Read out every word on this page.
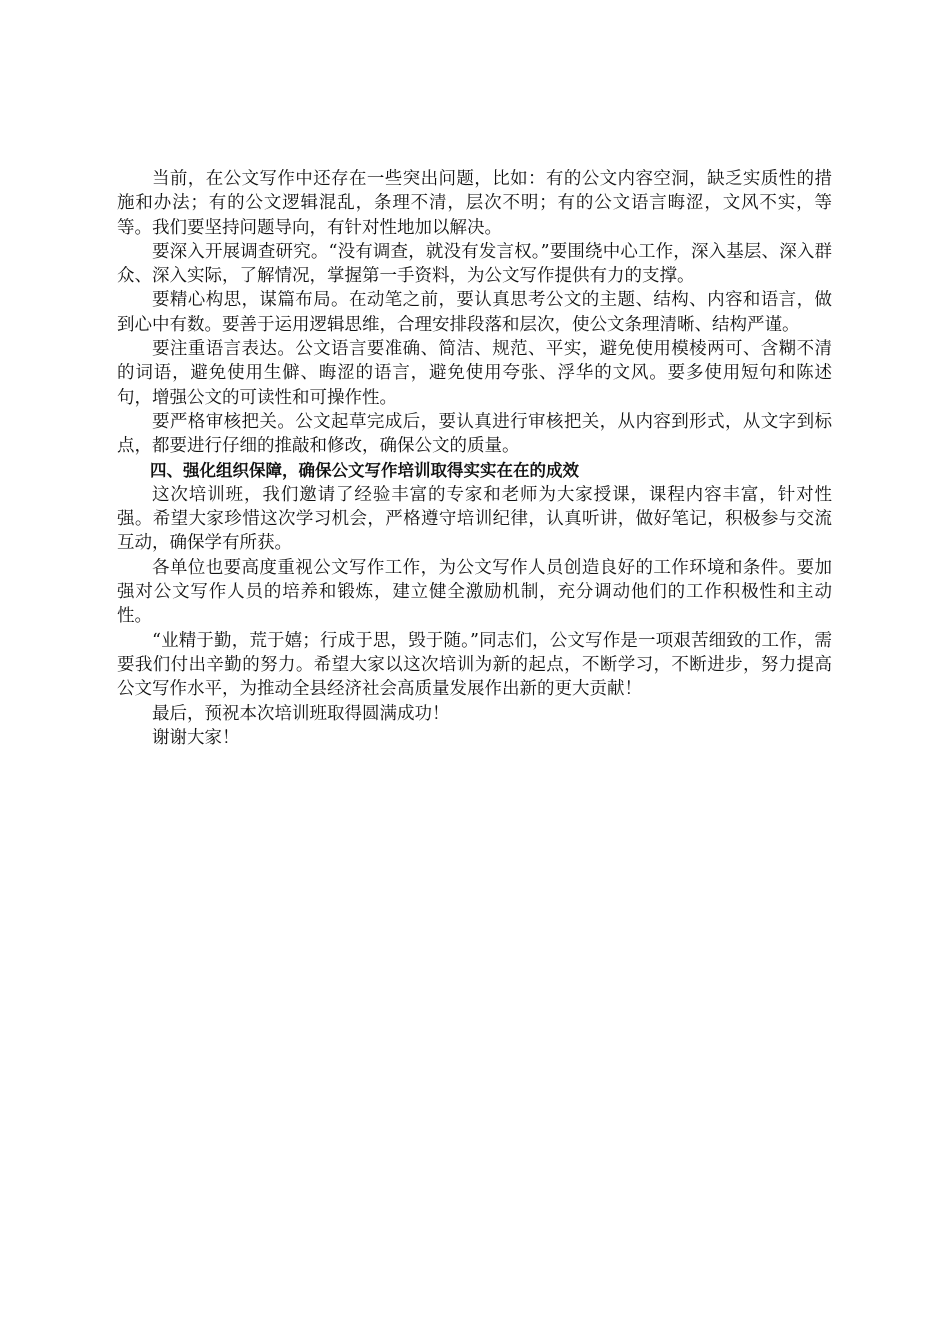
当前，在公文写作中还存在一些突出问题，比如：有的公文内容空洞，缺乏实质性的措施和办法；有的公文逻辑混乱，条理不清，层次不明；有的公文语言晦涩，文风不实，等等。我们要坚持问题导向，有针对性地加以解决。

要深入开展调查研究。“没有调查，就没有发言权。”要围绕中心工作，深入基层、深入群众、深入实际，了解情况，掌握第一手资料，为公文写作提供有力的支撑。

要精心构思，谋篇布局。在动笔之前，要认真思考公文的主题、结构、内容和语言，做到心中有数。要善于运用逻辑思维，合理安排段落和层次，使公文条理清晰、结构严谨。

要注重语言表达。公文语言要准确、简洁、规范、平实，避免使用模棱两可、含糊不清的词语，避免使用生僻、晦涩的语言，避免使用夸张、浮华的文风。要多使用短句和陈述句，增强公文的可读性和可操作性。

要严格审核把关。公文起草完成后，要认真进行审核把关，从内容到形式，从文字到标点，都要进行仔细的推敲和修改，确保公文的质量。

四、强化组织保障，确保公文写作培训取得实实在在的成效

这次培训班，我们邀请了经验丰富的专家和老师为大家授课，课程内容丰富，针对性强。希望大家珍惜这次学习机会，严格遵守培训纪律，认真听讲，做好笔记，积极参与交流互动，确保学有所获。

各单位也要高度重视公文写作工作，为公文写作人员创造良好的工作环境和条件。要加强对公文写作人员的培养和锻炼，建立健全激励机制，充分调动他们的工作积极性和主动性。

“业精于勤，荒于嬉；行成于思，毁于随。”同志们，公文写作是一项艰苦细致的工作，需要我们付出辛勤的努力。希望大家以这次培训为新的起点，不断学习，不断进步，努力提高公文写作水平，为推动全县经济社会高质量发展作出新的更大贡献！

最后，预祝本次培训班取得圆满成功！

谢谢大家！
